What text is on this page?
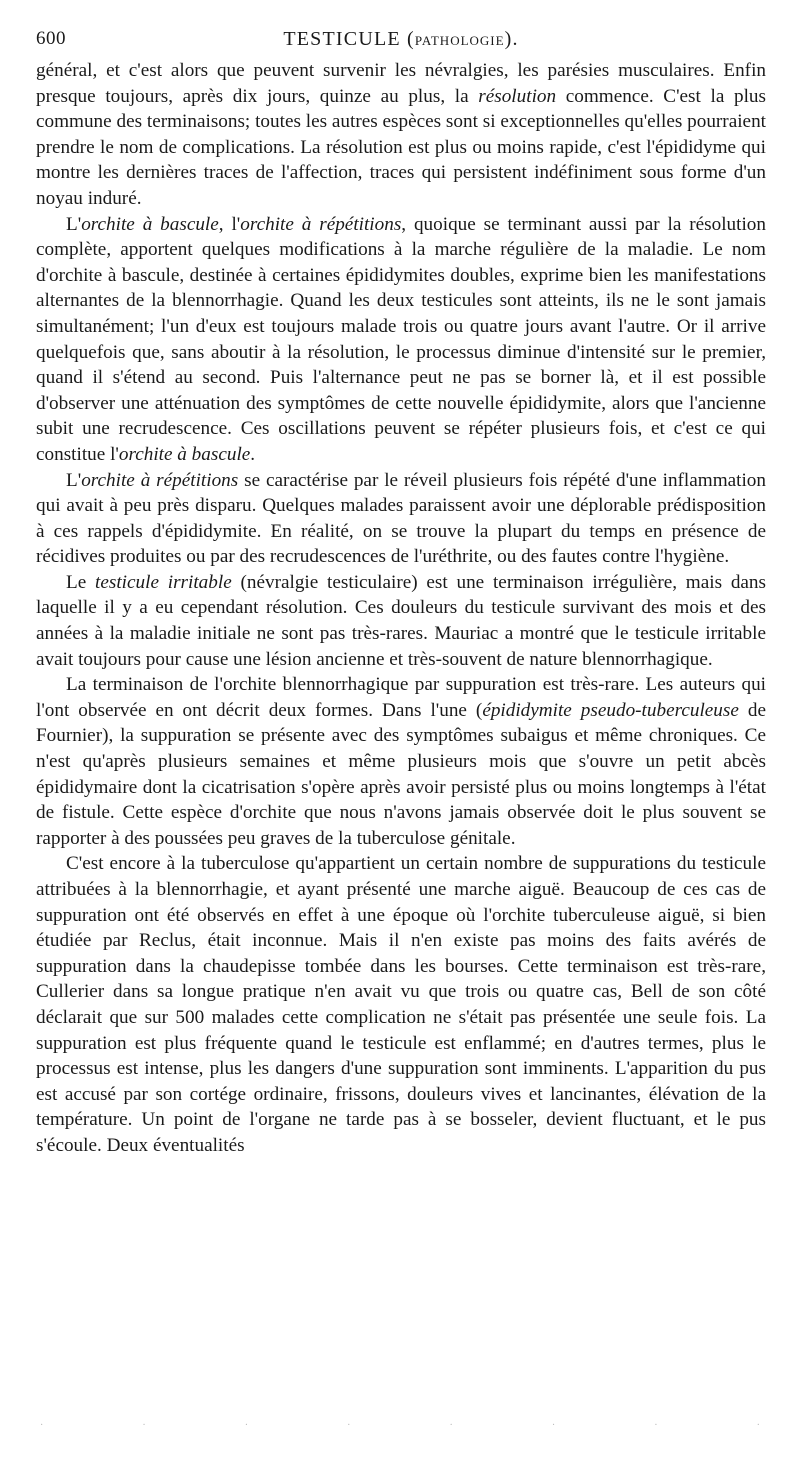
600	TESTICULE (PATHOLOGIE).

général, et c'est alors que peuvent survenir les névralgies, les parésies musculaires. Enfin presque toujours, après dix jours, quinze au plus, la résolution commence. C'est la plus commune des terminaisons; toutes les autres espèces sont si exceptionnelles qu'elles pourraient prendre le nom de complications. La résolution est plus ou moins rapide, c'est l'épididyme qui montre les dernières traces de l'affection, traces qui persistent indéfiniment sous forme d'un noyau induré.

L'orchite à bascule, l'orchite à répétitions, quoique se terminant aussi par la résolution complète, apportent quelques modifications à la marche régulière de la maladie. Le nom d'orchite à bascule, destinée à certaines épididymites doubles, exprime bien les manifestations alternantes de la blennorrhagie. Quand les deux testicules sont atteints, ils ne le sont jamais simultanément; l'un d'eux est toujours malade trois ou quatre jours avant l'autre. Or il arrive quelquefois que, sans aboutir à la résolution, le processus diminue d'intensité sur le premier, quand il s'étend au second. Puis l'alternance peut ne pas se borner là, et il est possible d'observer une atténuation des symptômes de cette nouvelle épididymite, alors que l'ancienne subit une recrudescence. Ces oscillations peuvent se répéter plusieurs fois, et c'est ce qui constitue l'orchite à bascule.

L'orchite à répétitions se caractérise par le réveil plusieurs fois répété d'une inflammation qui avait à peu près disparu. Quelques malades paraissent avoir une déplorable prédisposition à ces rappels d'épididymite. En réalité, on se trouve la plupart du temps en présence de récidives produites ou par des recrudescences de l'uréthrite, ou des fautes contre l'hygiène.

Le testicule irritable (névralgie testiculaire) est une terminaison irrégulière, mais dans laquelle il y a eu cependant résolution. Ces douleurs du testicule survivant des mois et des années à la maladie initiale ne sont pas très-rares. Mauriac a montré que le testicule irritable avait toujours pour cause une lésion ancienne et très-souvent de nature blennorrhagique.

La terminaison de l'orchite blennorrhagique par suppuration est très-rare. Les auteurs qui l'ont observée en ont décrit deux formes. Dans l'une (épididymite pseudo-tuberculeuse de Fournier), la suppuration se présente avec des symptômes subaigus et même chroniques. Ce n'est qu'après plusieurs semaines et même plusieurs mois que s'ouvre un petit abcès épididymaire dont la cicatrisation s'opère après avoir persisté plus ou moins longtemps à l'état de fistule. Cette espèce d'orchite que nous n'avons jamais observée doit le plus souvent se rapporter à des poussées peu graves de la tuberculose génitale.

C'est encore à la tuberculose qu'appartient un certain nombre de suppurations du testicule attribuées à la blennorrhagie, et ayant présenté une marche aiguë. Beaucoup de ces cas de suppuration ont été observés en effet à une époque où l'orchite tuberculeuse aiguë, si bien étudiée par Reclus, était inconnue. Mais il n'en existe pas moins des faits avérés de suppuration dans la chaudepisse tombée dans les bourses. Cette terminaison est très-rare, Cullerier dans sa longue pratique n'en avait vu que trois ou quatre cas, Bell de son côté déclarait que sur 500 malades cette complication ne s'était pas présentée une seule fois. La suppuration est plus fréquente quand le testicule est enflammé; en d'autres termes, plus le processus est intense, plus les dangers d'une suppuration sont imminents. L'apparition du pus est accusé par son cortége ordinaire, frissons, douleurs vives et lancinantes, élévation de la température. Un point de l'organe ne tarde pas à se bosseler, devient fluctuant, et le pus s'écoule. Deux éventualités

·	·	·	·	·	·	·	·
